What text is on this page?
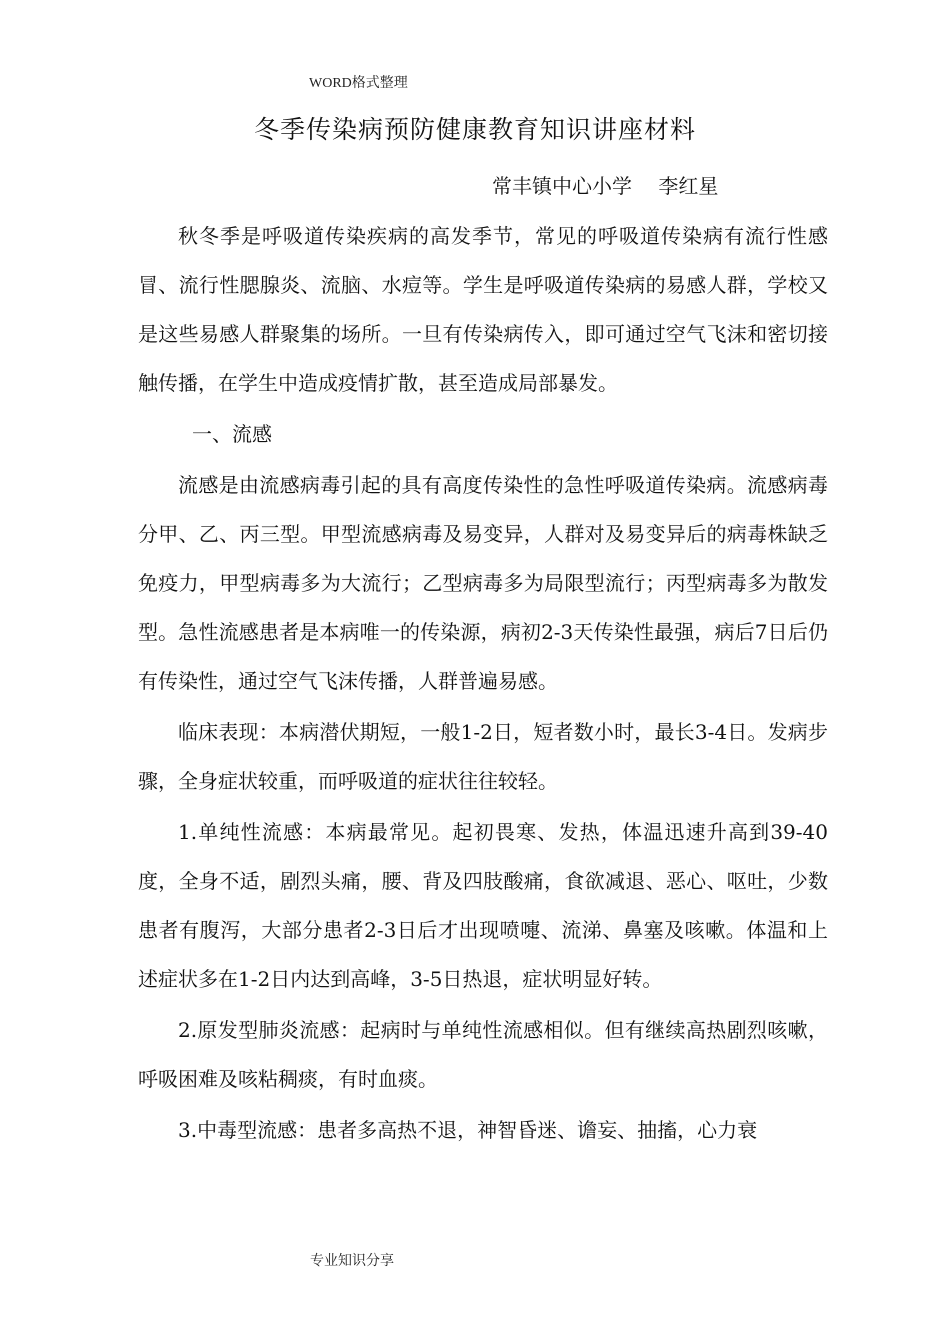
WORD格式整理
冬季传染病预防健康教育知识讲座材料
常丰镇中心小学　 李红星

秋冬季是呼吸道传染疾病的高发季节，常见的呼吸道传染病有流行性感冒、流行性腮腺炎、流脑、水痘等。学生是呼吸道传染病的易感人群，学校又是这些易感人群聚集的场所。一旦有传染病传入，即可通过空气飞沫和密切接触传播，在学生中造成疫情扩散，甚至造成局部暴发。

一、流感

流感是由流感病毒引起的具有高度传染性的急性呼吸道传染病。流感病毒分甲、乙、丙三型。甲型流感病毒及易变异，人群对及易变异后的病毒株缺乏免疫力，甲型病毒多为大流行；乙型病毒多为局限型流行；丙型病毒多为散发型。急性流感患者是本病唯一的传染源，病初2-3天传染性最强，病后7日后仍有传染性，通过空气飞沫传播，人群普遍易感。

临床表现：本病潜伏期短，一般1-2日，短者数小时，最长3-4日。发病步骤，全身症状较重，而呼吸道的症状往往较轻。

1.单纯性流感：本病最常见。起初畏寒、发热，体温迅速升高到39-40度，全身不适，剧烈头痛，腰、背及四肢酸痛，食欲减退、恶心、呕吐，少数患者有腹泻，大部分患者2-3日后才出现喷嚏、流涕、鼻塞及咳嗽。体温和上述症状多在1-2日内达到高峰，3-5日热退，症状明显好转。

2.原发型肺炎流感：起病时与单纯性流感相似。但有继续高热剧烈咳嗽，呼吸困难及咳粘稠痰，有时血痰。

3.中毒型流感：患者多高热不退，神智昏迷、谵妄、抽搐，心力衰

专业知识分享
